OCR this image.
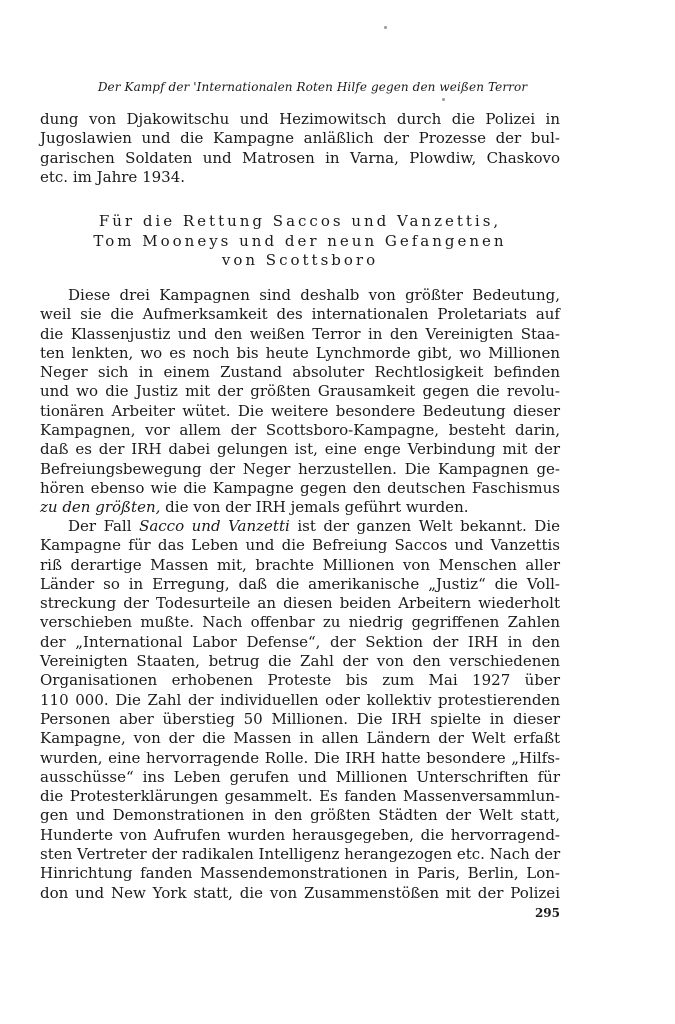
Der Kampf der 'Internationalen Roten Hilfe gegen den weißen Terror
dung von Djakowitschu und Hezimowitsch durch die Polizei in
Jugoslawien und die Kampagne anläßlich der Prozesse der bul-
garischen Soldaten und Matrosen in Varna, Plowdiw, Chaskovo
etc. im Jahre 1934.
Für die Rettung Saccos und Vanzettis,
Tom Mooneys und der neun Gefangenen
von Scottsboro
Diese drei Kampagnen sind deshalb von größter Bedeutung,
weil sie die Aufmerksamkeit des internationalen Proletariats auf
die Klassenjustiz und den weißen Terror in den Vereinigten Staa-
ten lenkten, wo es noch bis heute Lynchmorde gibt, wo Millionen
Neger sich in einem Zustand absoluter Rechtlosigkeit befinden
und wo die Justiz mit der größten Grausamkeit gegen die revolu-
tionären Arbeiter wütet. Die weitere besondere Bedeutung dieser
Kampagnen, vor allem der Scottsboro-Kampagne, besteht darin,
daß es der IRH dabei gelungen ist, eine enge Verbindung mit der
Befreiungsbewegung der Neger herzustellen. Die Kampagnen ge-
hören ebenso wie die Kampagne gegen den deutschen Faschismus
zu den größten, die von der IRH jemals geführt wurden.
Der Fall Sacco und Vanzetti ist der ganzen Welt bekannt. Die
Kampagne für das Leben und die Befreiung Saccos und Vanzettis
riß derartige Massen mit, brachte Millionen von Menschen aller
Länder so in Erregung, daß die amerikanische „Justiz“ die Voll-
streckung der Todesurteile an diesen beiden Arbeitern wiederholt
verschieben mußte. Nach offenbar zu niedrig gegriffenen Zahlen
der „International Labor Defense“, der Sektion der IRH in den
Vereinigten Staaten, betrug die Zahl der von den verschiedenen
Organisationen erhobenen Proteste bis zum Mai 1927 über
110 000. Die Zahl der individuellen oder kollektiv protestierenden
Personen aber überstieg 50 Millionen. Die IRH spielte in dieser
Kampagne, von der die Massen in allen Ländern der Welt erfaßt
wurden, eine hervorragende Rolle. Die IRH hatte besondere „Hilfs-
ausschüsse“ ins Leben gerufen und Millionen Unterschriften für
die Protesterklärungen gesammelt. Es fanden Massenversammlun-
gen und Demonstrationen in den größten Städten der Welt statt,
Hunderte von Aufrufen wurden herausgegeben, die hervorragend-
sten Vertreter der radikalen Intelligenz herangezogen etc. Nach der
Hinrichtung fanden Massendemonstrationen in Paris, Berlin, Lon-
don und New York statt, die von Zusammenstößen mit der Polizei
295
